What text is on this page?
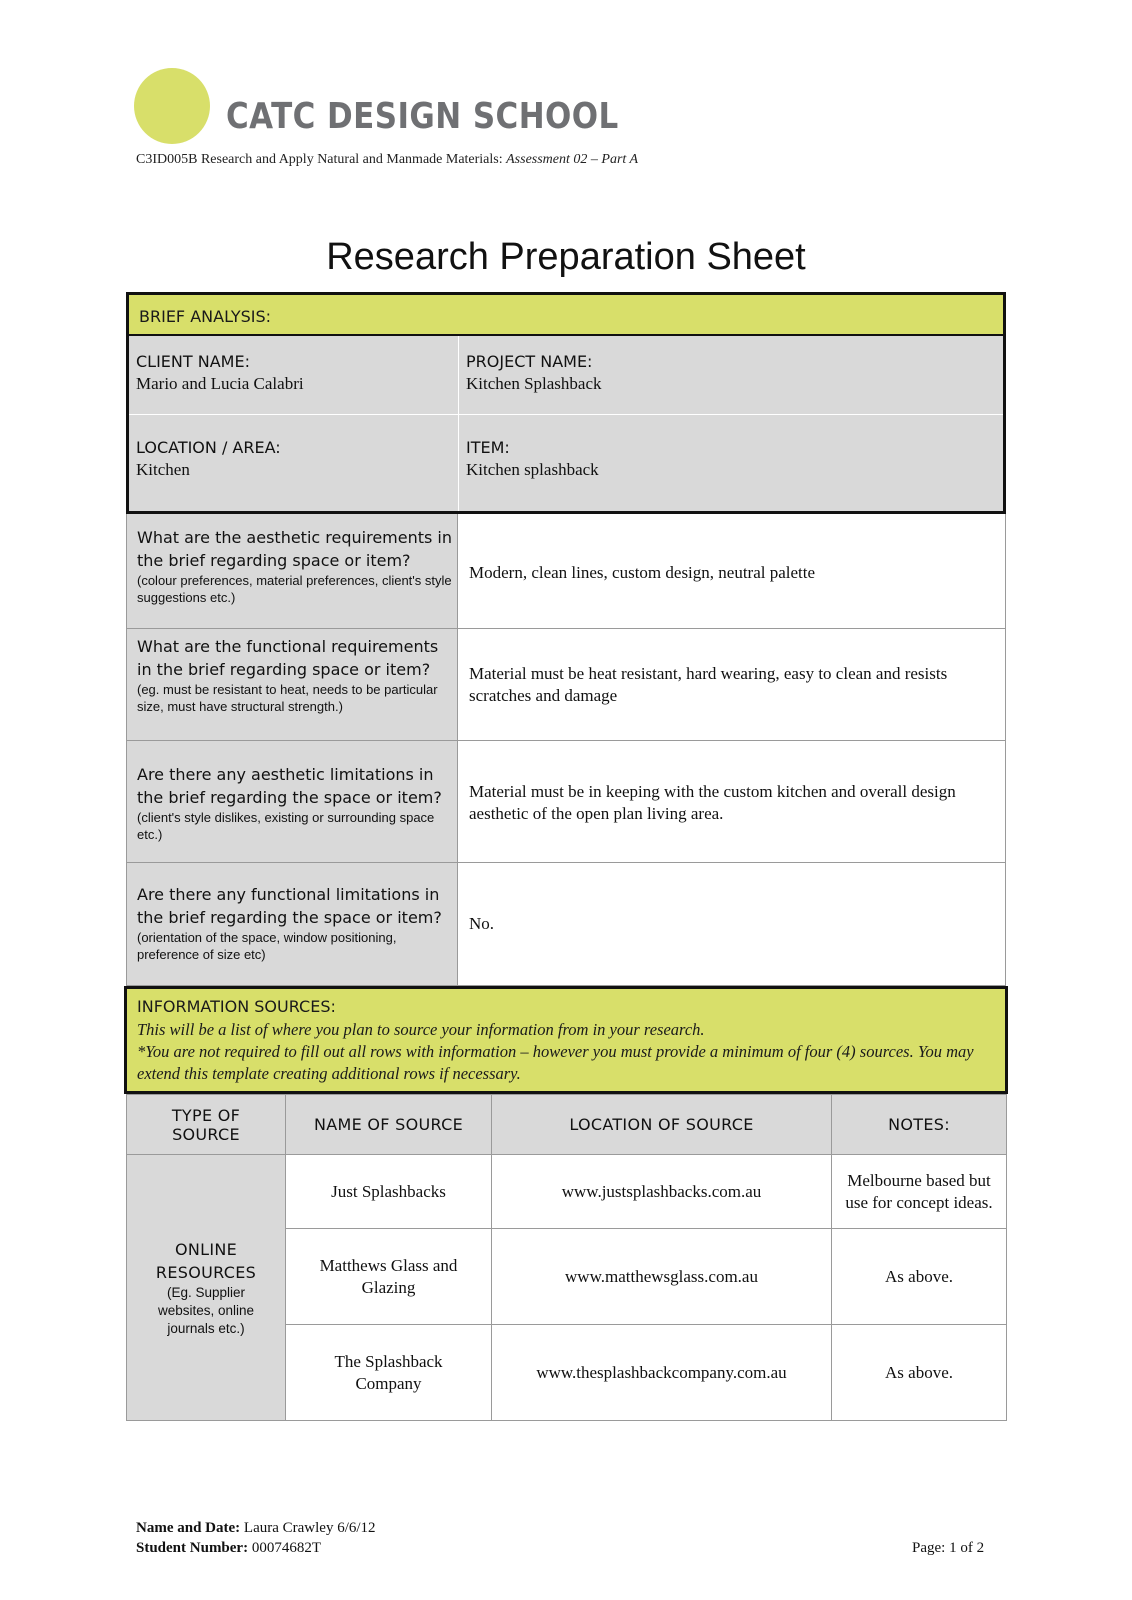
CATC DESIGN SCHOOL
C3ID005B Research and Apply Natural and Manmade Materials: Assessment 02 – Part A
Research Preparation Sheet
BRIEF ANALYSIS:
CLIENT NAME:
Mario and Lucia Calabri
PROJECT NAME:
Kitchen Splashback
LOCATION / AREA:
Kitchen
ITEM:
Kitchen splashback
What are the aesthetic requirements in the brief regarding space or item?
(colour preferences, material preferences, client's style suggestions etc.)
Modern, clean lines, custom design, neutral palette
What are the functional requirements in the brief regarding space or item?
(eg. must be resistant to heat, needs to be particular size, must have structural strength.)
Material must be heat resistant, hard wearing, easy to clean and resists scratches and damage
Are there any aesthetic limitations in the brief regarding the space or item?
(client's style dislikes, existing or surrounding space etc.)
Material must be in keeping with the custom kitchen and overall design aesthetic of the open plan living area.
Are there any functional limitations in the brief regarding the space or item?
(orientation of the space, window positioning, preference of size etc)
No.
INFORMATION SOURCES:
This will be a list of where you plan to source your information from in your research.
*You are not required to fill out all rows with information – however you must provide a minimum of four (4) sources. You may extend this template creating additional rows if necessary.
TYPE OF SOURCE	NAME OF SOURCE	LOCATION OF SOURCE	NOTES:

ONLINE RESOURCES
(Eg. Supplier websites, online journals etc.)	Just Splashbacks	www.justsplashbacks.com.au	Melbourne based but use for concept ideas.
	Matthews Glass and Glazing	www.matthewsglass.com.au	As above.
	The Splashback Company	www.thesplashbackcompany.com.au	As above.
Name and Date: Laura Crawley 6/6/12
Student Number: 00074682T	Page: 1 of 2
